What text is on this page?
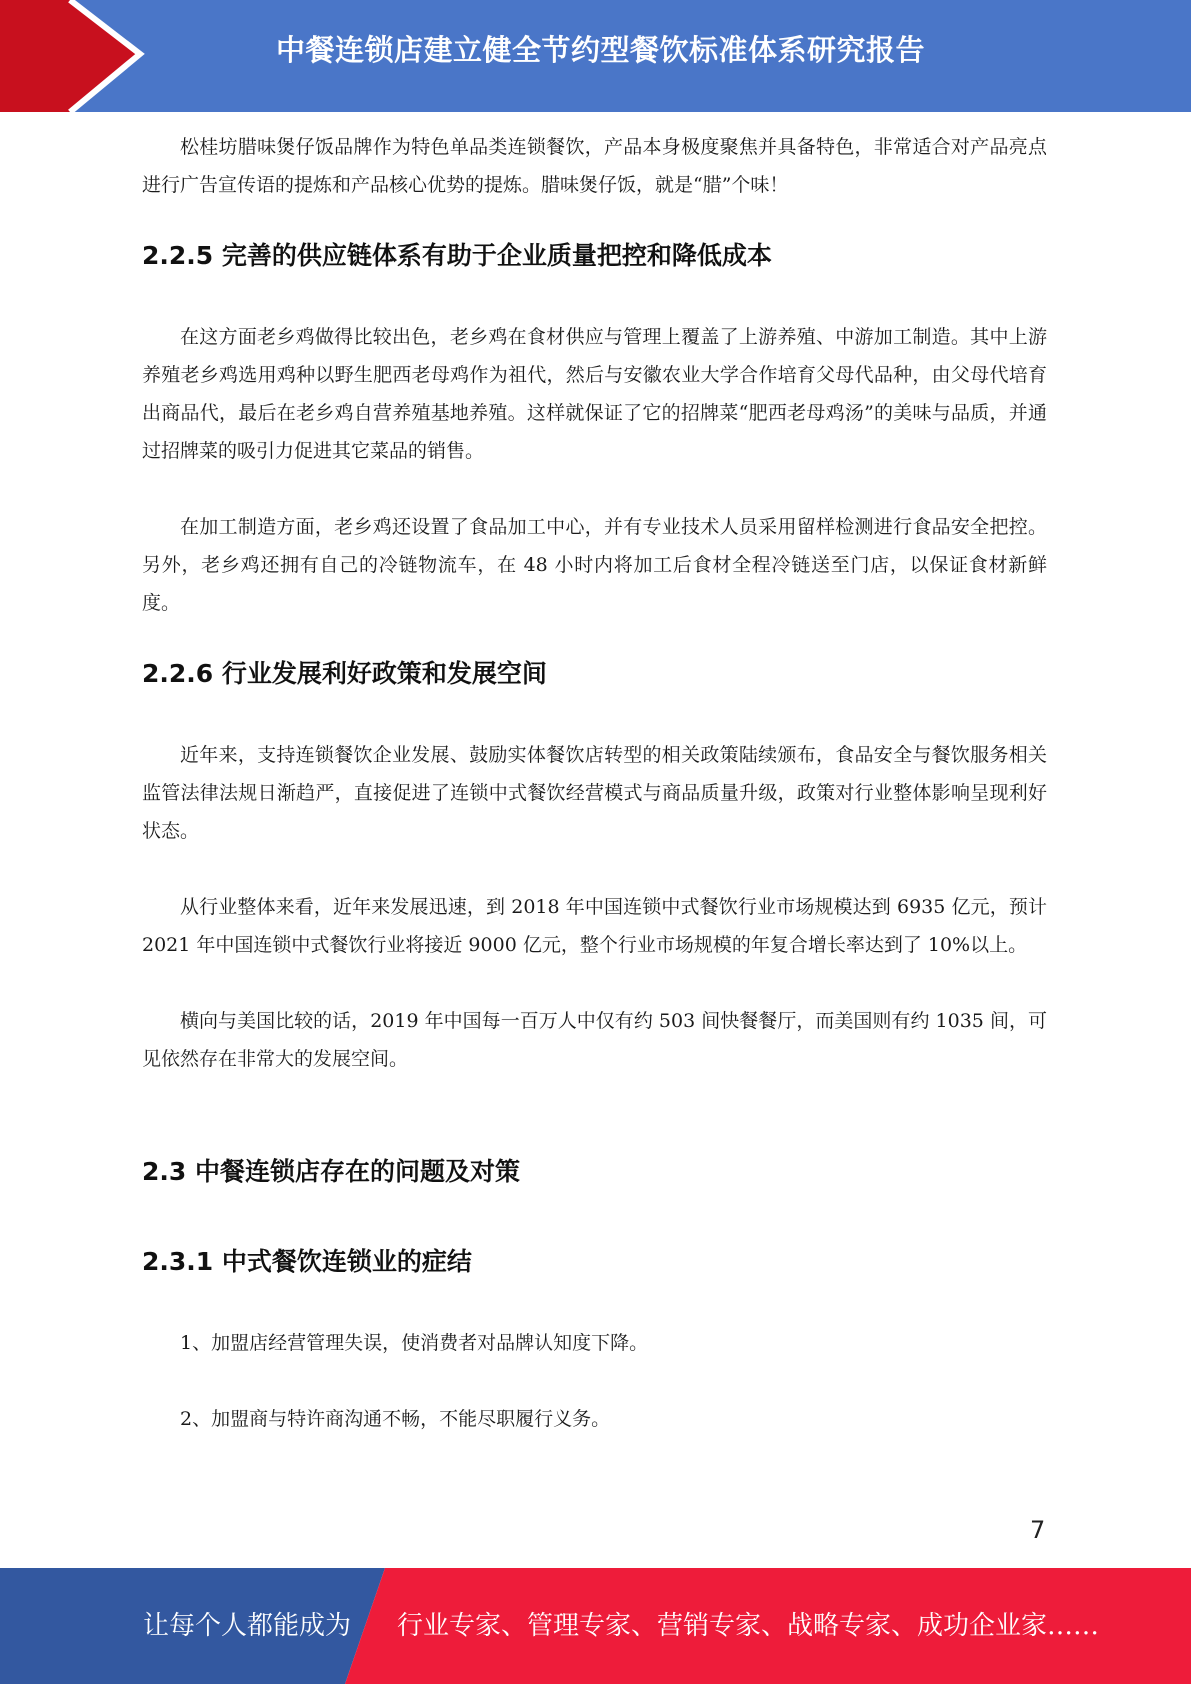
中餐连锁店建立健全节约型餐饮标准体系研究报告

松桂坊腊味煲仔饭品牌作为特色单品类连锁餐饮，产品本身极度聚焦并具备特色，非常适合对产品亮点进行广告宣传语的提炼和产品核心优势的提炼。腊味煲仔饭，就是“腊”个味！

2.2.5 完善的供应链体系有助于企业质量把控和降低成本

在这方面老乡鸡做得比较出色，老乡鸡在食材供应与管理上覆盖了上游养殖、中游加工制造。其中上游养殖老乡鸡选用鸡种以野生肥西老母鸡作为祖代，然后与安徽农业大学合作培育父母代品种，由父母代培育出商品代，最后在老乡鸡自营养殖基地养殖。这样就保证了它的招牌菜“肥西老母鸡汤”的美味与品质，并通过招牌菜的吸引力促进其它菜品的销售。

在加工制造方面，老乡鸡还设置了食品加工中心，并有专业技术人员采用留样检测进行食品安全把控。另外，老乡鸡还拥有自己的冷链物流车，在 48 小时内将加工后食材全程冷链送至门店，以保证食材新鲜度。

2.2.6 行业发展利好政策和发展空间

近年来，支持连锁餐饮企业发展、鼓励实体餐饮店转型的相关政策陆续颁布，食品安全与餐饮服务相关监管法律法规日渐趋严，直接促进了连锁中式餐饮经营模式与商品质量升级，政策对行业整体影响呈现利好状态。

从行业整体来看，近年来发展迅速，到 2018 年中国连锁中式餐饮行业市场规模达到 6935 亿元，预计 2021 年中国连锁中式餐饮行业将接近 9000 亿元，整个行业市场规模的年复合增长率达到了 10%以上。

横向与美国比较的话，2019 年中国每一百万人中仅有约 503 间快餐餐厅，而美国则有约 1035 间，可见依然存在非常大的发展空间。

2.3 中餐连锁店存在的问题及对策
2.3.1 中式餐饮连锁业的症结

1、加盟店经营管理失误，使消费者对品牌认知度下降。

2、加盟商与特许商沟通不畅，不能尽职履行义务。

7
让每个人都能成为 行业专家、管理专家、营销专家、战略专家、成功企业家……
